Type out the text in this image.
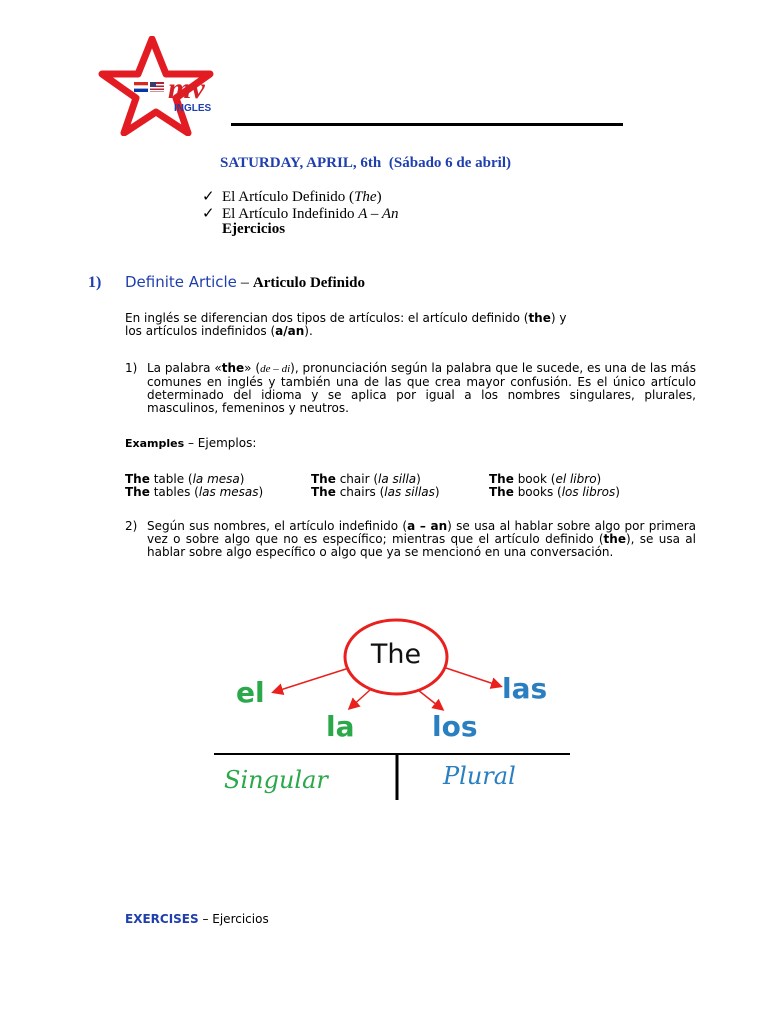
mv
INGLES
SATURDAY, APRIL, 6th (Sábado 6 de abril)
✓ El Artículo Definido (The)
✓ El Artículo Indefinido A – An
Ejercicios
1) Definite Article – Articulo Definido
En inglés se diferencian dos tipos de artículos: el artículo definido (the) y
los artículos indefinidos (a/an).
1) La palabra «the» (de – di), pronunciación según la palabra que le sucede, es una de las más comunes en inglés y también una de las que crea mayor confusión. Es el único artículo determinado del idioma y se aplica por igual a los nombres singulares, plurales, masculinos, femeninos y neutros.
Examples – Ejemplos:
The table (la mesa)	The chair (la silla)	The book (el libro)
The tables (las mesas)	The chairs (las sillas)	The books (los libros)
2) Según sus nombres, el artículo indefinido (a – an) se usa al hablar sobre algo por primera vez o sobre algo que no es específico; mientras que el artículo definido (the), se usa al hablar sobre algo específico o algo que ya se mencionó en una conversación.
The
el
la	los
las
Singular	Plural
EXERCISES – Ejercicios
